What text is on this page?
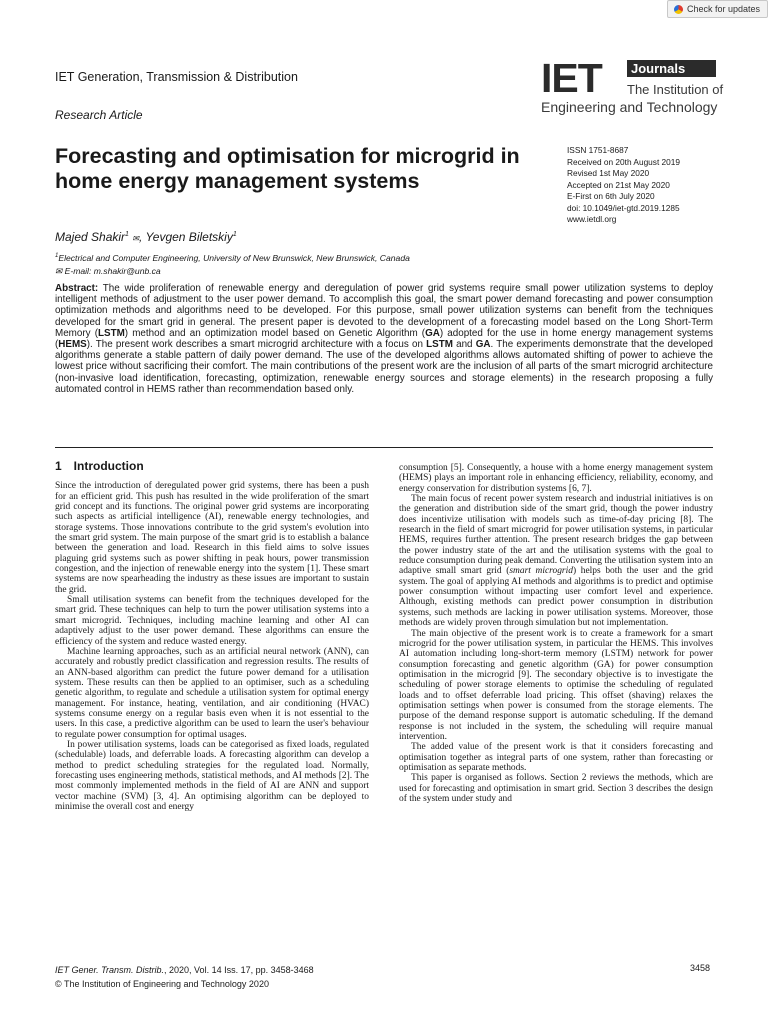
Check for updates
IET Generation, Transmission & Distribution
Research Article
IET	Journals
The Institution of
Engineering and Technology
Forecasting and optimisation for microgrid in home energy management systems
ISSN 1751-8687
Received on 20th August 2019
Revised 1st May 2020
Accepted on 21st May 2020
E-First on 6th July 2020
doi: 10.1049/iet-gtd.2019.1285
www.ietdl.org
Majed Shakir$^1$ ✉, Yevgen Biletskiy$^1$
$^1$Electrical and Computer Engineering, University of New Brunswick, New Brunswick, Canada
✉ E-mail: m.shakir@unb.ca
Abstract: The wide proliferation of renewable energy and deregulation of power grid systems require small power utilization systems to deploy intelligent methods of adjustment to the user power demand. To accomplish this goal, the smart power demand forecasting and power consumption optimization methods and algorithms need to be developed. For this purpose, small power utilization systems can benefit from the techniques developed for the smart grid in general. The present paper is devoted to the development of a forecasting model based on the Long Short-Term Memory (LSTM) method and an optimization model based on Genetic Algorithm (GA) adopted for the use in home energy management systems (HEMS). The present work describes a smart microgrid architecture with a focus on LSTM and GA. The experiments demonstrate that the developed algorithms generate a stable pattern of daily power demand. The use of the developed algorithms allows automated shifting of power to achieve the lowest price without sacrificing their comfort. The main contributions of the present work are the inclusion of all parts of the smart microgrid architecture (non-invasive load identification, forecasting, optimization, renewable energy sources and storage elements) in the research proposing a fully automated control in HEMS rather than recommendation based only.
1  Introduction

Since the introduction of deregulated power grid systems, there has been a push for an efficient grid. This push has resulted in the wide proliferation of the smart grid concept and its functions. The original power grid systems are incorporating such aspects as artificial intelligence (AI), renewable energy technologies, and storage systems. Those innovations contribute to the grid system's evolution into the smart grid system. The main purpose of the smart grid is to establish a balance between the generation and load. Research in this field aims to solve issues plaguing grid systems such as power shifting in peak hours, power transmission congestion, and the injection of renewable energy into the system [1]. These smart systems are now spearheading the industry as these issues are important to sustain the grid.

Small utilisation systems can benefit from the techniques developed for the smart grid. These techniques can help to turn the power utilisation systems into a smart microgrid. Techniques, including machine learning and other AI can adaptively adjust to the user power demand. These algorithms can ensure the efficiency of the system and reduce wasted energy.

Machine learning approaches, such as an artificial neural network (ANN), can accurately and robustly predict classification and regression results. The results of an ANN-based algorithm can predict the future power demand for a utilisation system. These results can then be applied to an optimiser, such as a scheduling genetic algorithm, to regulate and schedule a utilisation system for optimal energy management. For instance, heating, ventilation, and air conditioning (HVAC) systems consume energy on a regular basis even when it is not essential to the users. In this case, a predictive algorithm can be used to learn the user's behaviour to regulate power consumption for optimal usages.

In power utilisation systems, loads can be categorised as fixed loads, regulated (schedulable) loads, and deferrable loads. A forecasting algorithm can develop a method to predict scheduling strategies for the regulated load. Normally, forecasting uses engineering methods, statistical methods, and AI methods [2]. The most commonly implemented methods in the field of AI are ANN and support vector machine (SVM) [3, 4]. An optimising algorithm can be deployed to minimise the overall cost and energy

consumption [5]. Consequently, a house with a home energy management system (HEMS) plays an important role in enhancing efficiency, reliability, economy, and energy conservation for distribution systems [6, 7].

The main focus of recent power system research and industrial initiatives is on the generation and distribution side of the smart grid, though the power industry does incentivize utilisation with models such as time-of-day pricing [8]. The research in the field of smart microgrid for power utilisation systems, in particular HEMS, requires further attention. The present research bridges the gap between the power industry state of the art and the utilisation systems with the goal to reduce consumption during peak demand. Converting the utilisation system into an adaptive small smart grid (smart microgrid) helps both the user and the grid system. The goal of applying AI methods and algorithms is to predict and optimise power consumption without impacting user comfort level and experience. Although, existing methods can predict power consumption in distribution systems, such methods are lacking in power utilisation systems. Moreover, those methods are widely proven through simulation but not implementation.

The main objective of the present work is to create a framework for a smart microgrid for the power utilisation system, in particular the HEMS. This involves AI automation including long-short-term memory (LSTM) network for power consumption forecasting and genetic algorithm (GA) for power consumption optimisation in the microgrid [9]. The secondary objective is to investigate the scheduling of power storage elements to optimise the scheduling of regulated loads and to offset deferrable load pricing. This offset (shaving) relaxes the optimisation settings when power is consumed from the storage elements. The purpose of the demand response support is automatic scheduling. If the demand response is not included in the system, the scheduling will require manual intervention.

The added value of the present work is that it considers forecasting and optimisation together as integral parts of one system, rather than forecasting or optimisation as separate methods.

This paper is organised as follows. Section 2 reviews the methods, which are used for forecasting and optimisation in smart grid. Section 3 describes the design of the system under study and

IET Gener. Transm. Distrib., 2020, Vol. 14 Iss. 17, pp. 3458-3468
© The Institution of Engineering and Technology 2020
3458
